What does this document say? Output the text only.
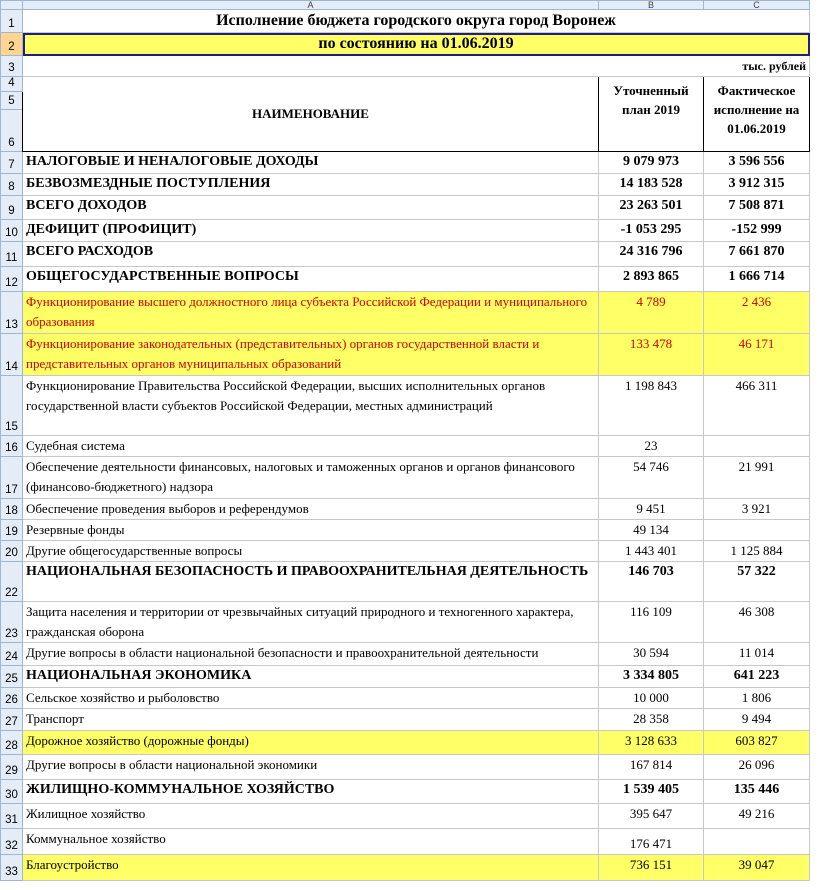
	A	B	C	
1	Исполнение бюджета городского округа город Воронеж			
2	по состоянию на 01.06.2019			
3	тыс. рублей			
4	НАИМЕНОВАНИЕ	Уточненный план 2019	Фактическое исполнение на 01.06.2019	
5				
6				
7	НАЛОГОВЫЕ И НЕНАЛОГОВЫЕ ДОХОДЫ	9 079 973	3 596 556	
8	БЕЗВОЗМЕЗДНЫЕ ПОСТУПЛЕНИЯ	14 183 528	3 912 315	
9	ВСЕГО ДОХОДОВ	23 263 501	7 508 871	
10	ДЕФИЦИТ (ПРОФИЦИТ)	-1 053 295	-152 999	
11	ВСЕГО РАСХОДОВ	24 316 796	7 661 870	
12	ОБЩЕГОСУДАРСТВЕННЫЕ ВОПРОСЫ	2 893 865	1 666 714	
13	Функционирование высшего должностного лица субъекта Российской Федерации и муниципального образования	4 789	2 436	
14	Функционирование законодательных (представительных) органов государственной власти и представительных органов муниципальных образований	133 478	46 171	
15	Функционирование Правительства Российской Федерации, высших исполнительных органов государственной власти субъектов Российской Федерации, местных администраций	1 198 843	466 311	
16	Судебная система	23		
17	Обеспечение деятельности финансовых, налоговых и таможенных органов и органов финансового (финансово-бюджетного) надзора	54 746	21 991	
18	Обеспечение проведения выборов и референдумов	9 451	3 921	
19	Резервные фонды	49 134		
20	Другие общегосударственные вопросы	1 443 401	1 125 884	
22	НАЦИОНАЛЬНАЯ БЕЗОПАСНОСТЬ И ПРАВООХРАНИТЕЛЬНАЯ ДЕЯТЕЛЬНОСТЬ	146 703	57 322	
23	Защита населения и территории от чрезвычайных ситуаций природного и техногенного характера, гражданская оборона	116 109	46 308	
24	Другие вопросы в области национальной безопасности и правоохранительной деятельности	30 594	11 014	
25	НАЦИОНАЛЬНАЯ ЭКОНОМИКА	3 334 805	641 223	
26	Сельское хозяйство и рыболовство	10 000	1 806	
27	Транспорт	28 358	9 494	
28	Дорожное хозяйство (дорожные фонды)	3 128 633	603 827	
29	Другие вопросы в области национальной экономики	167 814	26 096	
30	ЖИЛИЩНО-КОММУНАЛЬНОЕ ХОЗЯЙСТВО	1 539 405	135 446	
31	Жилищное хозяйство	395 647	49 216	
32	Коммунальное хозяйство	176 471		
33	Благоустройство	736 151	39 047	
